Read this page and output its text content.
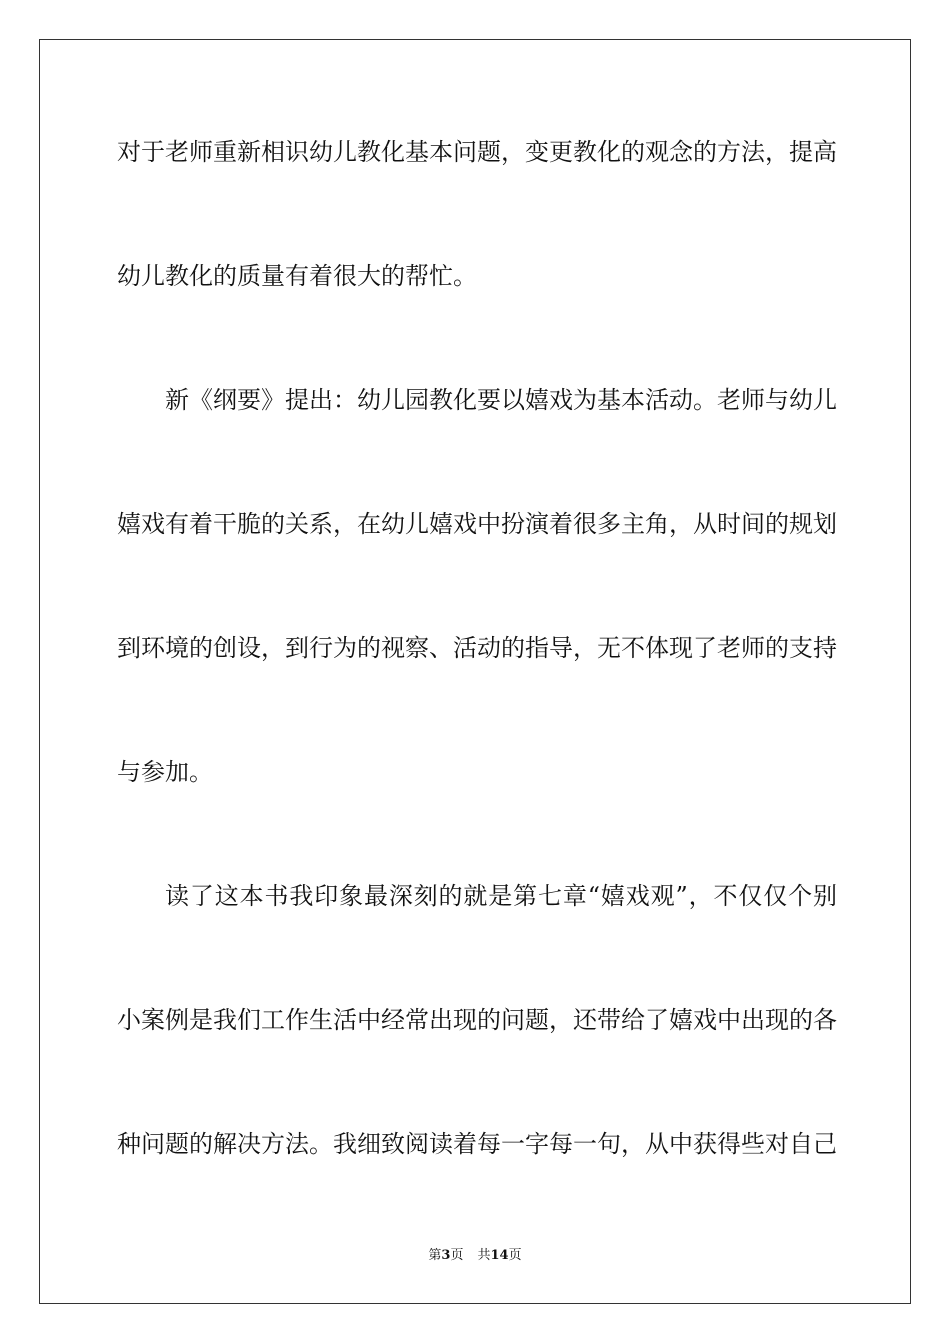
对于老师重新相识幼儿教化基本问题，变更教化的观念的方法，提高
幼儿教化的质量有着很大的帮忙。
新《纲要》提出：幼儿园教化要以嬉戏为基本活动。老师与幼儿
嬉戏有着干脆的关系，在幼儿嬉戏中扮演着很多主角，从时间的规划
到环境的创设，到行为的视察、活动的指导，无不体现了老师的支持
与参加。
读了这本书我印象最深刻的就是第七章“嬉戏观”，不仅仅个别
小案例是我们工作生活中经常出现的问题，还带给了嬉戏中出现的各
种问题的解决方法。我细致阅读着每一字每一句，从中获得些对自己
第3页 共14页
